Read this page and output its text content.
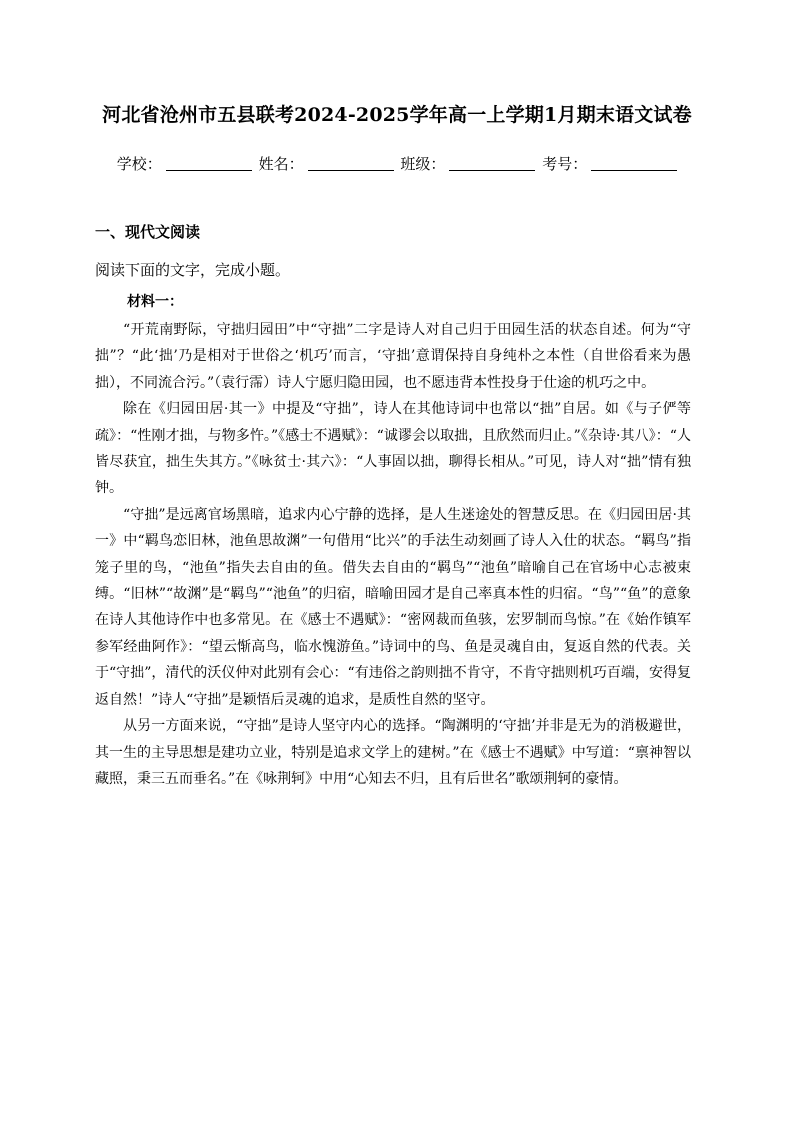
河北省沧州市五县联考2024-2025学年高一上学期1月期末语文试卷
学校：	姓名：	班级：	考号：
一、现代文阅读
阅读下面的文字，完成小题。
材料一：

“开荒南野际，守拙归园田”中“守拙”二字是诗人对自己归于田园生活的状态自述。何为“守拙”？“此‘拙’乃是相对于世俗之‘机巧’而言，‘守拙’意谓保持自身纯朴之本性（自世俗看来为愚拙），不同流合污。”（袁行霈）诗人宁愿归隐田园，也不愿违背本性投身于仕途的机巧之中。

除在《归园田居·其一》中提及“守拙”，诗人在其他诗词中也常以“拙”自居。如《与子俨等疏》：“性刚才拙，与物多忤。”《感士不遇赋》：“诚谬会以取拙，且欣然而归止。”《杂诗·其八》：“人皆尽获宜，拙生失其方。”《咏贫士·其六》：“人事固以拙，聊得长相从。”可见，诗人对“拙”情有独钟。

“守拙”是远离官场黑暗，追求内心宁静的选择，是人生迷途处的智慧反思。在《归园田居·其一》中“羁鸟恋旧林，池鱼思故渊”一句借用“比兴”的手法生动刻画了诗人入仕的状态。“羁鸟”指笼子里的鸟，“池鱼”指失去自由的鱼。借失去自由的“羁鸟”“池鱼”暗喻自己在官场中心志被束缚。“旧林”“故渊”是“羁鸟”“池鱼”的归宿，暗喻田园才是自己率真本性的归宿。“鸟”“鱼”的意象在诗人其他诗作中也多常见。在《感士不遇赋》：“密网裁而鱼骇，宏罗制而鸟惊。”在《始作镇军参军经曲阿作》：“望云惭高鸟，临水愧游鱼。”诗词中的鸟、鱼是灵魂自由，复返自然的代表。关于“守拙”，清代的沃仪仲对此别有会心：“有违俗之韵则拙不肯守，不肯守拙则机巧百端，安得复返自然！”诗人“守拙”是颖悟后灵魂的追求，是质性自然的坚守。

从另一方面来说，“守拙”是诗人坚守内心的选择。“陶渊明的‘守拙’并非是无为的消极避世，其一生的主导思想是建功立业，特别是追求文学上的建树。”在《感士不遇赋》中写道：“禀神智以藏照，秉三五而垂名。”在《咏荆轲》中用“心知去不归，且有后世名”歌颂荆轲的豪情。
